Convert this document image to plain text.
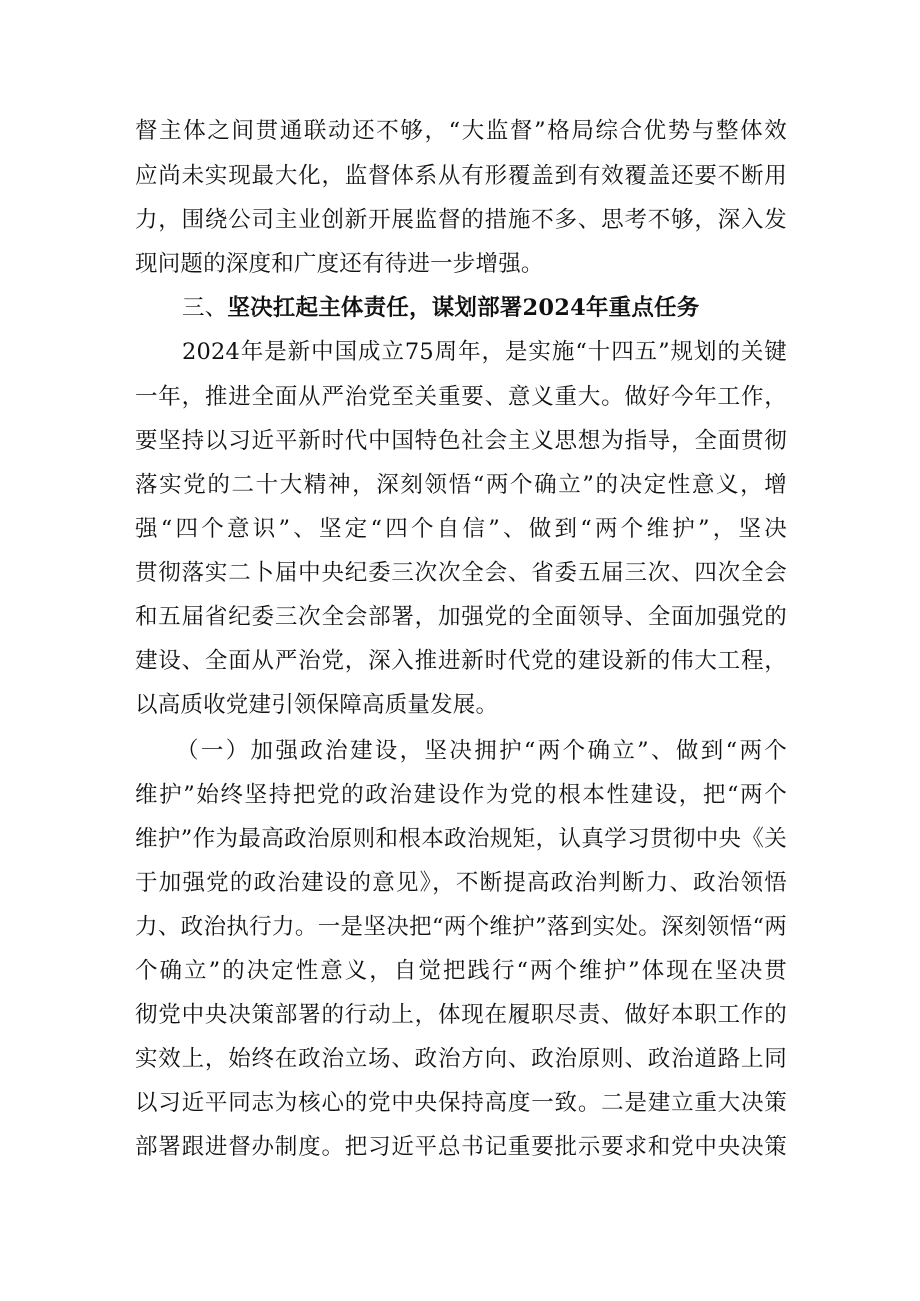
督主体之间贯通联动还不够，“大监督”格局综合优势与整体效
应尚未实现最大化，监督体系从有形覆盖到有效覆盖还要不断用
力，围绕公司主业创新开展监督的措施不多、思考不够，深入发
现问题的深度和广度还有待进一步增强。
三、坚决扛起主体责任，谋划部署2024年重点任务
2024年是新中国成立75周年，是实施“十四五”规划的关键
一年，推进全面从严治党至关重要、意义重大。做好今年工作，
要坚持以习近平新时代中国特色社会主义思想为指导，全面贯彻
落实党的二十大精神，深刻领悟“两个确立”的决定性意义，增
强“四个意识”、坚定“四个自信”、做到“两个维护”，坚决
贯彻落实二卜届中央纪委三次次全会、省委五届三次、四次全会
和五届省纪委三次全会部署，加强党的全面领导、全面加强党的
建设、全面从严治党，深入推进新时代党的建设新的伟大工程，
以高质收党建引领保障高质量发展。
（一）加强政治建设，坚决拥护“两个确立”、做到“两个
维护”始终坚持把党的政治建设作为党的根本性建设，把“两个
维护”作为最高政治原则和根本政治规矩，认真学习贯彻中央《关
于加强党的政治建设的意见》，不断提高政治判断力、政治领悟
力、政治执行力。一是坚决把“两个维护”落到实处。深刻领悟“两
个确立”的决定性意义，自觉把践行“两个维护”体现在坚决贯
彻党中央决策部署的行动上，体现在履职尽责、做好本职工作的
实效上，始终在政治立场、政治方向、政治原则、政治道路上同
以习近平同志为核心的党中央保持高度一致。二是建立重大决策
部署跟进督办制度。把习近平总书记重要批示要求和党中央决策
